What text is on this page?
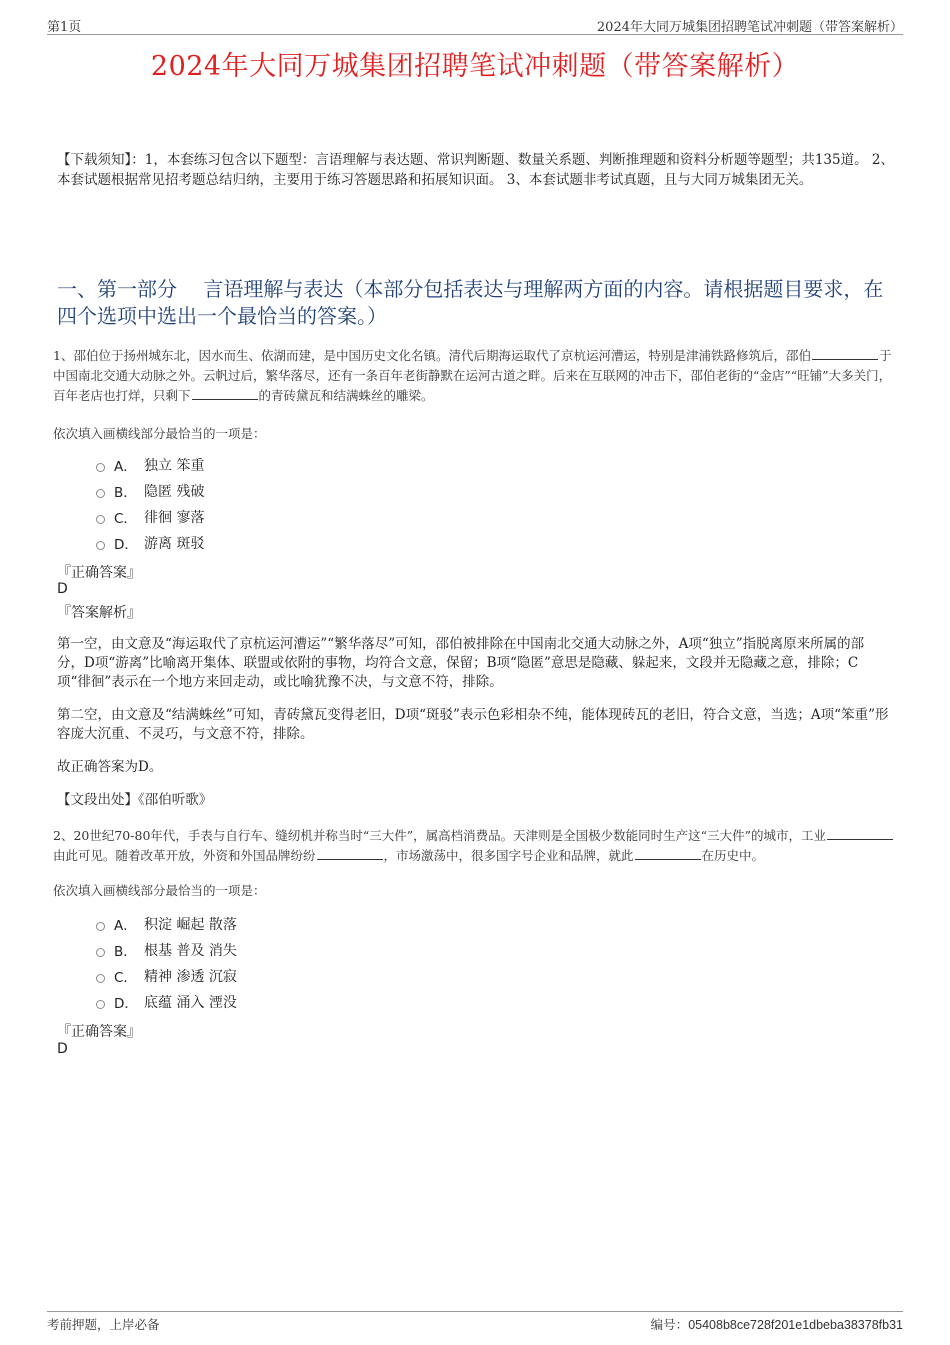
第1页	2024年大同万城集团招聘笔试冲刺题（带答案解析）
2024年大同万城集团招聘笔试冲刺题（带答案解析）
【下载须知】：1，本套练习包含以下题型：言语理解与表达题、常识判断题、数量关系题、判断推理题和资料分析题等题型；共135道。 2、本套试题根据常见招考题总结归纳，主要用于练习答题思路和拓展知识面。 3、本套试题非考试真题，且与大同万城集团无关。
一、第一部分　 言语理解与表达（本部分包括表达与理解两方面的内容。请根据题目要求，在四个选项中选出一个最恰当的答案。）
1、邵伯位于扬州城东北，因水而生、依湖而建，是中国历史文化名镇。清代后期海运取代了京杭运河漕运，特别是津浦铁路修筑后，邵伯	于中国南北交通大动脉之外。云帆过后，繁华落尽，还有一条百年老街静默在运河古道之畔。后来在互联网的冲击下，邵伯老街的“金店”“旺铺”大多关门，百年老店也打烊，只剩下	的青砖黛瓦和结满蛛丝的雕梁。
依次填入画横线部分最恰当的一项是：
A． 独立 笨重
B． 隐匿 残破
C． 徘徊 寥落
D． 游离 斑驳
『正确答案』
D
『答案解析』
第一空，由文意及“海运取代了京杭运河漕运”“繁华落尽”可知，邵伯被排除在中国南北交通大动脉之外，A项“独立”指脱离原来所属的部分，D项“游离”比喻离开集体、联盟或依附的事物，均符合文意，保留；B项“隐匿”意思是隐藏、躲起来，文段并无隐藏之意，排除；C项“徘徊”表示在一个地方来回走动，或比喻犹豫不决，与文意不符，排除。
第二空，由文意及“结满蛛丝”可知，青砖黛瓦变得老旧，D项“斑驳”表示色彩相杂不纯，能体现砖瓦的老旧，符合文意，当选；A项“笨重”形容庞大沉重、不灵巧，与文意不符，排除。
故正确答案为D。
【文段出处】《邵伯听歌》
2、20世纪70-80年代，手表与自行车、缝纫机并称当时“三大件”，属高档消费品。天津则是全国极少数能同时生产这“三大件”的城市，工业由此可见。随着改革开放，外资和外国品牌纷纷	，市场激荡中，很多国字号企业和品牌，就此	在历史中。
依次填入画横线部分最恰当的一项是：
A． 积淀 崛起 散落
B． 根基 普及 消失
C． 精神 渗透 沉寂
D． 底蕴 涌入 湮没
『正确答案』
D
考前押题，上岸必备	编号：05408b8ce728f201e1dbeba38378fb31
